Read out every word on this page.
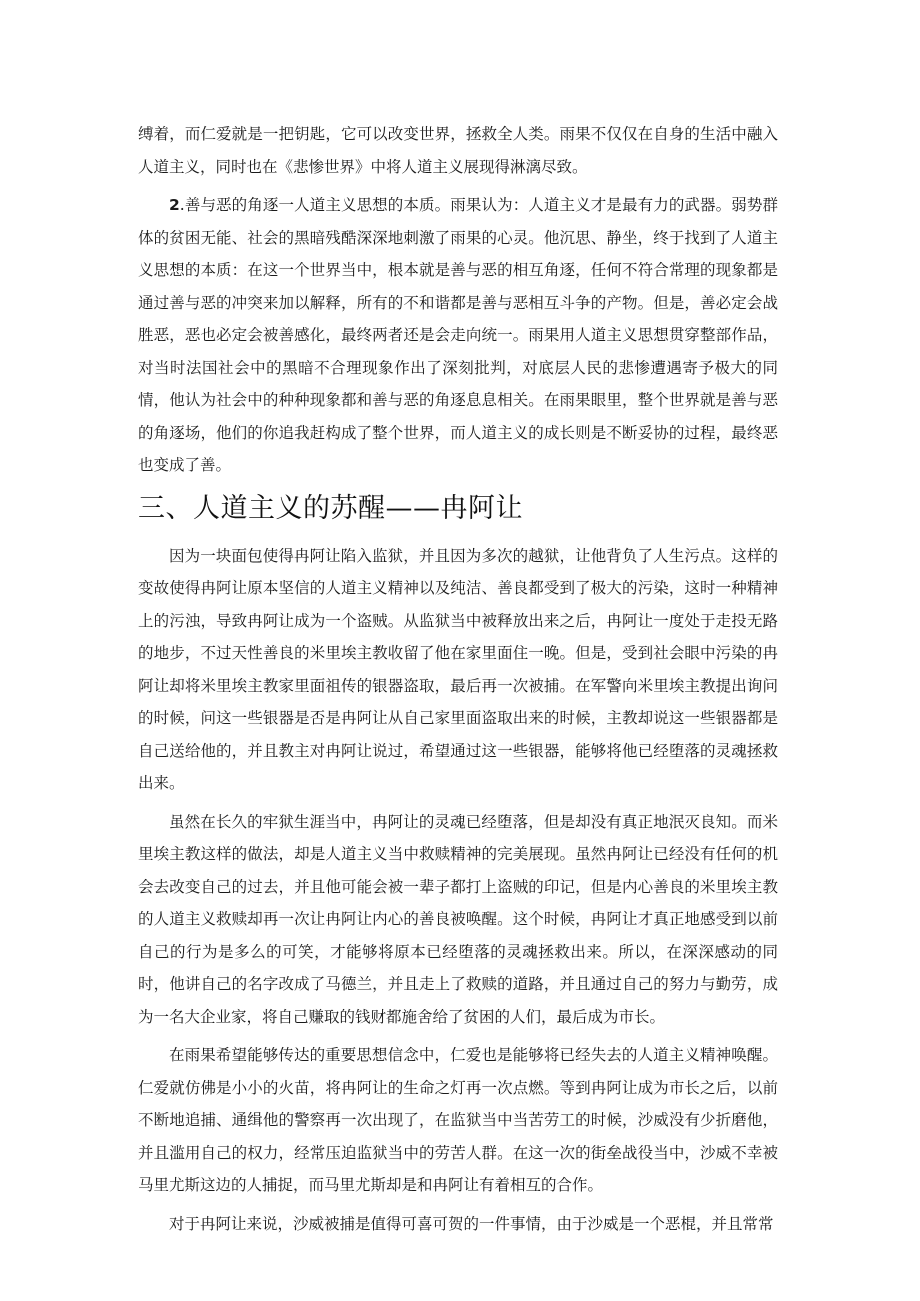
缚着，而仁爱就是一把钥匙，它可以改变世界，拯救全人类。雨果不仅仅在自身的生活中融入人道主义，同时也在《悲惨世界》中将人道主义展现得淋漓尽致。

2.善与恶的角逐一人道主义思想的本质。雨果认为：人道主义才是最有力的武器。弱势群体的贫困无能、社会的黑暗残酷深深地刺激了雨果的心灵。他沉思、静坐，终于找到了人道主义思想的本质：在这一个世界当中，根本就是善与恶的相互角逐，任何不符合常理的现象都是通过善与恶的冲突来加以解释，所有的不和谐都是善与恶相互斗争的产物。但是，善必定会战胜恶，恶也必定会被善感化，最终两者还是会走向统一。雨果用人道主义思想贯穿整部作品，对当时法国社会中的黑暗不合理现象作出了深刻批判，对底层人民的悲惨遭遇寄予极大的同情，他认为社会中的种种现象都和善与恶的角逐息息相关。在雨果眼里，整个世界就是善与恶的角逐场，他们的你追我赶构成了整个世界，而人道主义的成长则是不断妥协的过程，最终恶也变成了善。

三、人道主义的苏醒——冉阿让

因为一块面包使得冉阿让陷入监狱，并且因为多次的越狱，让他背负了人生污点。这样的变故使得冉阿让原本坚信的人道主义精神以及纯洁、善良都受到了极大的污染，这时一种精神上的污浊，导致冉阿让成为一个盗贼。从监狱当中被释放出来之后，冉阿让一度处于走投无路的地步，不过天性善良的米里埃主教收留了他在家里面住一晚。但是，受到社会眼中污染的冉阿让却将米里埃主教家里面祖传的银器盗取，最后再一次被捕。在军警向米里埃主教提出询问的时候，问这一些银器是否是冉阿让从自己家里面盗取出来的时候，主教却说这一些银器都是自己送给他的，并且教主对冉阿让说过，希望通过这一些银器，能够将他已经堕落的灵魂拯救出来。

虽然在长久的牢狱生涯当中，冉阿让的灵魂已经堕落，但是却没有真正地泯灭良知。而米里埃主教这样的做法，却是人道主义当中救赎精神的完美展现。虽然冉阿让已经没有任何的机会去改变自己的过去，并且他可能会被一辈子都打上盗贼的印记，但是内心善良的米里埃主教的人道主义救赎却再一次让冉阿让内心的善良被唤醒。这个时候，冉阿让才真正地感受到以前自己的行为是多么的可笑，才能够将原本已经堕落的灵魂拯救出来。所以，在深深感动的同时，他讲自己的名字改成了马德兰，并且走上了救赎的道路，并且通过自己的努力与勤劳，成为一名大企业家，将自己赚取的钱财都施舍给了贫困的人们，最后成为市长。

在雨果希望能够传达的重要思想信念中，仁爱也是能够将已经失去的人道主义精神唤醒。仁爱就仿佛是小小的火苗，将冉阿让的生命之灯再一次点燃。等到冉阿让成为市长之后，以前不断地追捕、通缉他的警察再一次出现了，在监狱当中当苦劳工的时候，沙威没有少折磨他，并且滥用自己的权力，经常压迫监狱当中的劳苦人群。在这一次的街垒战役当中，沙威不幸被马里尤斯这边的人捕捉，而马里尤斯却是和冉阿让有着相互的合作。

对于冉阿让来说，沙威被捕是值得可喜可贺的一件事情，由于沙威是一个恶棍，并且常常
